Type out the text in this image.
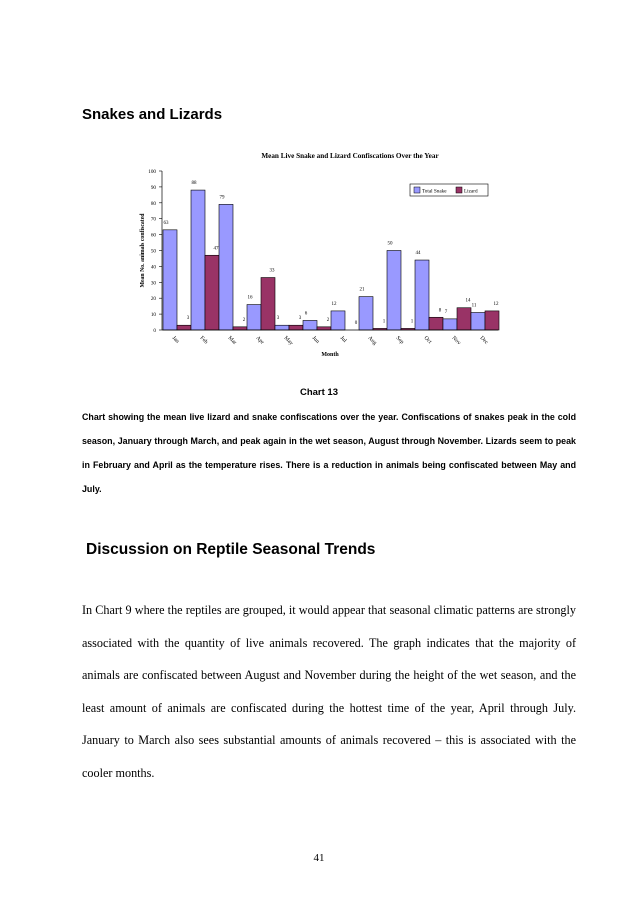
Snakes and Lizards
Mean Live Snake and Lizard Confiscations Over the Year
0
10
20
30
40
50
60
70
80
90
100
Mean No. animals confiscated	63
3
Jan
88
47
Feb
79
2
Mar
16
33
Apr
3	3
May
6
2
Jun
12
0
Jul
21
1
Aug
50
1
Sep
44
8
Oct
7
14
Nov
11	12
Dec
Month
Total Snake	Lizard
Chart 13
Chart showing the mean live lizard and snake confiscations over the year. Confiscations of snakes peak in the cold season, January through March, and peak again in the wet season, August through November. Lizards seem to peak in February and April as the temperature rises. There is a reduction in animals being confiscated between May and July.
Discussion on Reptile Seasonal Trends
In Chart 9 where the reptiles are grouped, it would appear that seasonal climatic patterns are strongly associated with the quantity of live animals recovered. The graph indicates that the majority of animals are confiscated between August and November during the height of the wet season, and the least amount of animals are confiscated during the hottest time of the year, April through July. January to March also sees substantial amounts of animals recovered – this is associated with the cooler months.
41
